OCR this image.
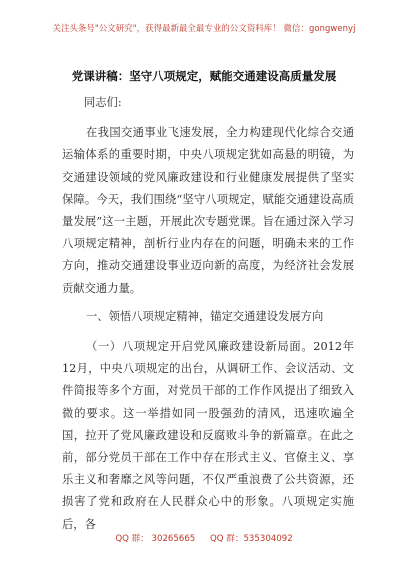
关注头条号"公文研究"，获得最新最全最专业的公文资料库！ 微信：gongwenyj
党课讲稿：坚守八项规定，赋能交通建设高质量发展

同志们:

在我国交通事业飞速发展，全力构建现代化综合交通运输体系的重要时期，中央八项规定犹如高悬的明镜，为交通建设领域的党风廉政建设和行业健康发展提供了坚实保障。今天，我们围绕“坚守八项规定，赋能交通建设高质量发展”这一主题，开展此次专题党课。旨在通过深入学习八项规定精神，剖析行业内存在的问题，明确未来的工作方向，推动交通建设事业迈向新的高度，为经济社会发展贡献交通力量。

一、领悟八项规定精神，锚定交通建设发展方向

（一）八项规定开启党风廉政建设新局面。2012年12月，中央八项规定的出台，从调研工作、会议活动、文件简报等多个方面，对党员干部的工作作风提出了细致入微的要求。这一举措如同一股强劲的清风，迅速吹遍全国，拉开了党风廉政建设和反腐败斗争的新篇章。在此之前，部分党员干部在工作中存在形式主义、官僚主义、享乐主义和奢靡之风等问题，不仅严重浪费了公共资源，还损害了党和政府在人民群众心中的形象。八项规定实施后，各

QQ 群： 30265665 QQ 群：535304092
